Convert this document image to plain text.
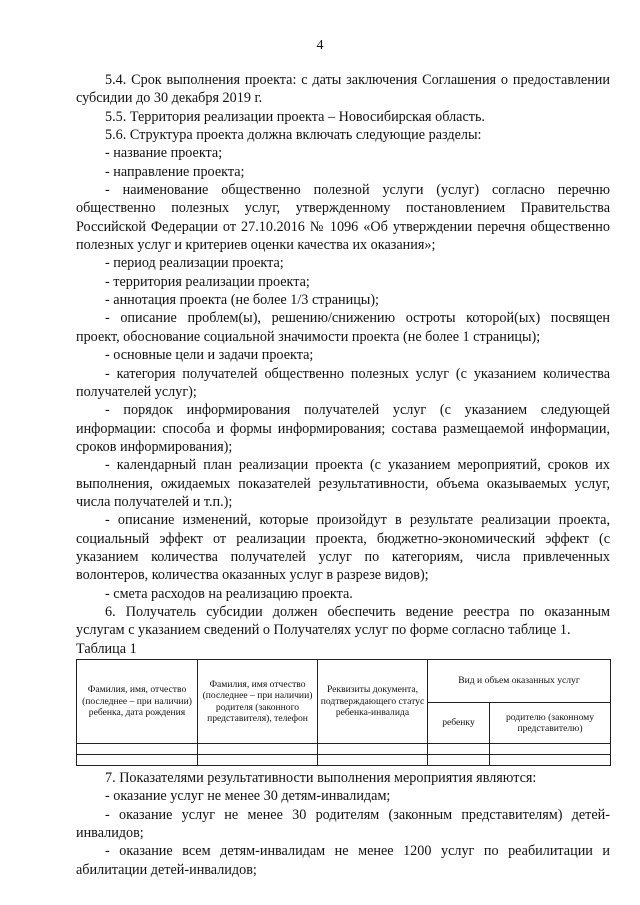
4

5.4. Срок выполнения проекта: с даты заключения Соглашения о предоставлении субсидии до 30 декабря 2019 г.

5.5. Территория реализации проекта – Новосибирская область.

5.6. Структура проекта должна включать следующие разделы:

- название проекта;

- направление проекта;

- наименование общественно полезной услуги (услуг) согласно перечню общественно полезных услуг, утвержденному постановлением Правительства Российской Федерации от 27.10.2016 № 1096 «Об утверждении перечня общественно полезных услуг и критериев оценки качества их оказания»;

- период реализации проекта;

- территория реализации проекта;

- аннотация проекта (не более 1/3 страницы);

- описание проблем(ы), решению/снижению остроты которой(ых) посвящен проект, обоснование социальной значимости проекта (не более 1 страницы);

- основные цели и задачи проекта;

- категория получателей общественно полезных услуг (с указанием количества получателей услуг);

- порядок информирования получателей услуг (с указанием следующей информации: способа и формы информирования; состава размещаемой информации, сроков информирования);

- календарный план реализации проекта (с указанием мероприятий, сроков их выполнения, ожидаемых показателей результативности, объема оказываемых услуг, числа получателей и т.п.);

- описание изменений, которые произойдут в результате реализации проекта, социальный эффект от реализации проекта, бюджетно-экономический эффект (с указанием количества получателей услуг по категориям, числа привлеченных волонтеров, количества оказанных услуг в разрезе видов);

- смета расходов на реализацию проекта.

6. Получатель субсидии должен обеспечить ведение реестра по оказанным услугам с указанием сведений о Получателях услуг по форме согласно таблице 1.

Таблица 1

Фамилия, имя, отчество (последнее – при наличии) ребенка, дата рождения	Фамилия, имя отчество (последнее – при наличии) родителя (законного представителя), телефон	Реквизиты документа, подтверждающего статус ребенка-инвалида	Вид и объем оказанных услуг	
			ребенку	родителю (законному представителю)

7. Показателями результативности выполнения мероприятия являются:

- оказание услуг не менее 30 детям-инвалидам;

- оказание услуг не менее 30 родителям (законным представителям) детей-инвалидов;

- оказание всем детям-инвалидам не менее 1200 услуг по реабилитации и абилитации детей-инвалидов;
